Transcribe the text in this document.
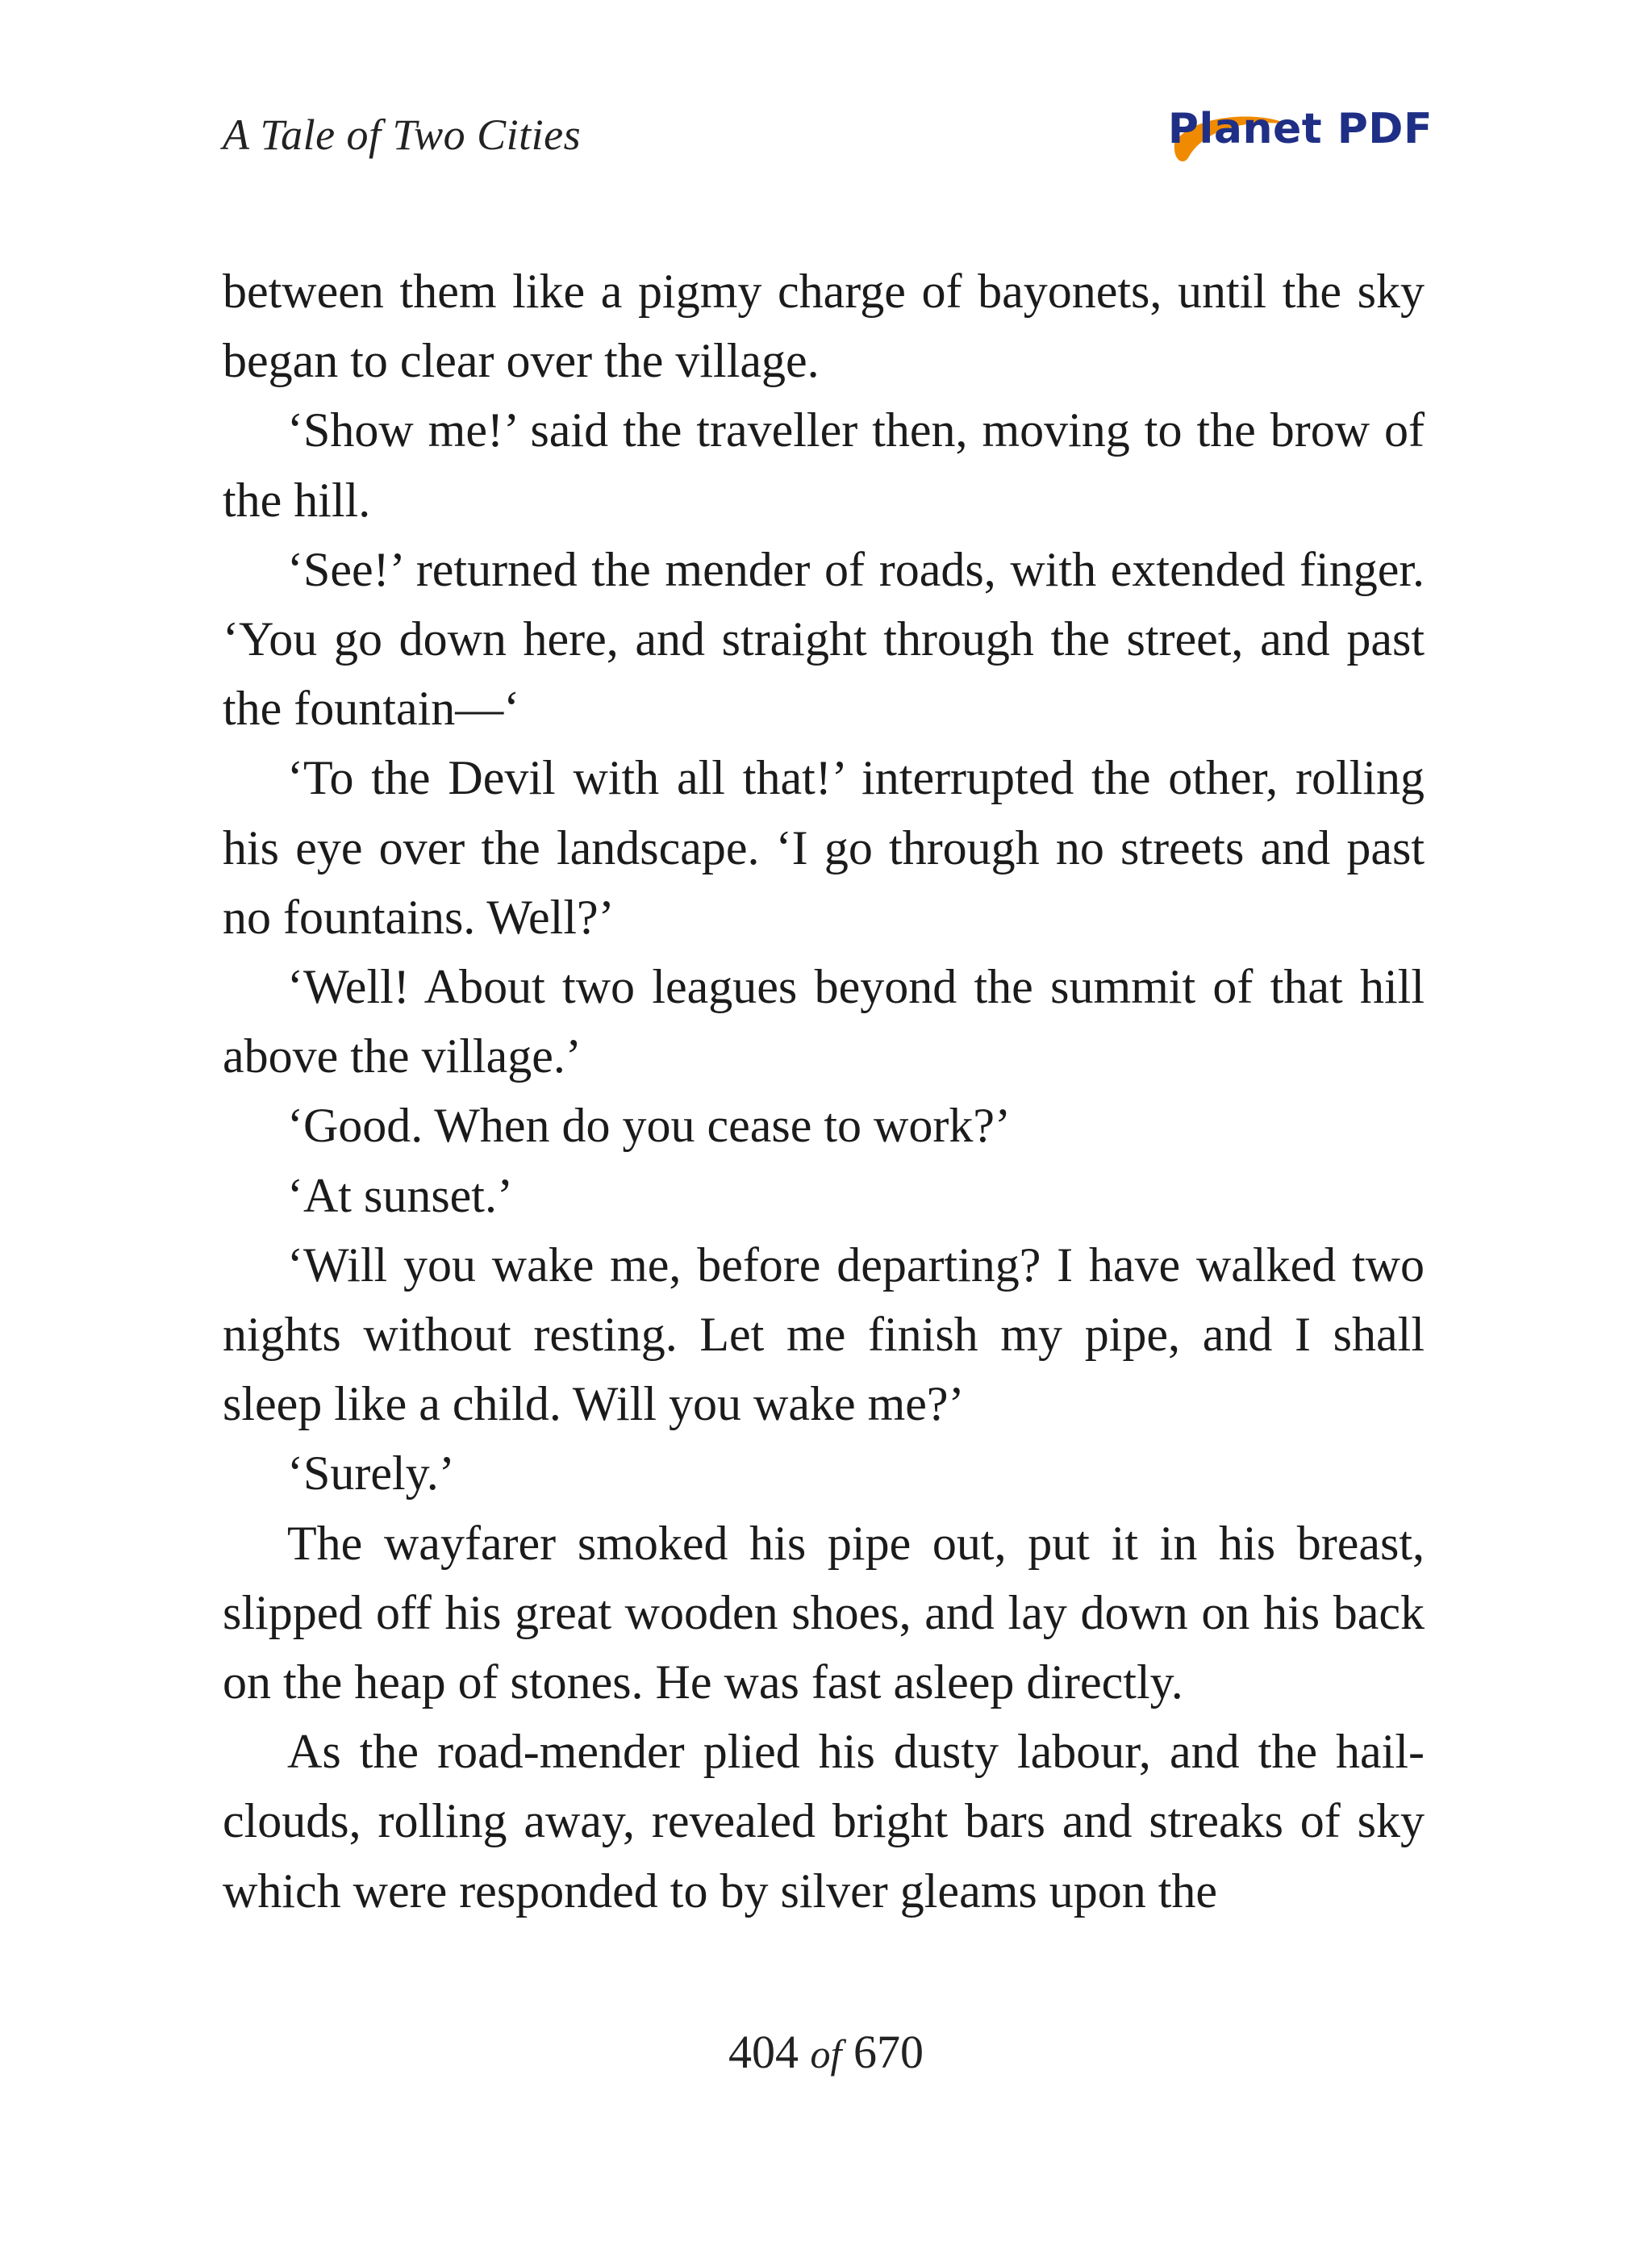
A Tale of Two Cities	Planet PDF

between them like a pigmy charge of bayonets, until the sky began to clear over the village.

‘Show me!’ said the traveller then, moving to the brow of the hill.

‘See!’ returned the mender of roads, with extended finger. ‘You go down here, and straight through the street, and past the fountain—‘

‘To the Devil with all that!’ interrupted the other, rolling his eye over the landscape. ‘I go through no streets and past no fountains. Well?’

‘Well! About two leagues beyond the summit of that hill above the village.’

‘Good. When do you cease to work?’

‘At sunset.’

‘Will you wake me, before departing? I have walked two nights without resting. Let me finish my pipe, and I shall sleep like a child. Will you wake me?’

‘Surely.’

The wayfarer smoked his pipe out, put it in his breast, slipped off his great wooden shoes, and lay down on his back on the heap of stones. He was fast asleep directly.

As the road-mender plied his dusty labour, and the hail-clouds, rolling away, revealed bright bars and streaks of sky which were responded to by silver gleams upon the

404 of 670
